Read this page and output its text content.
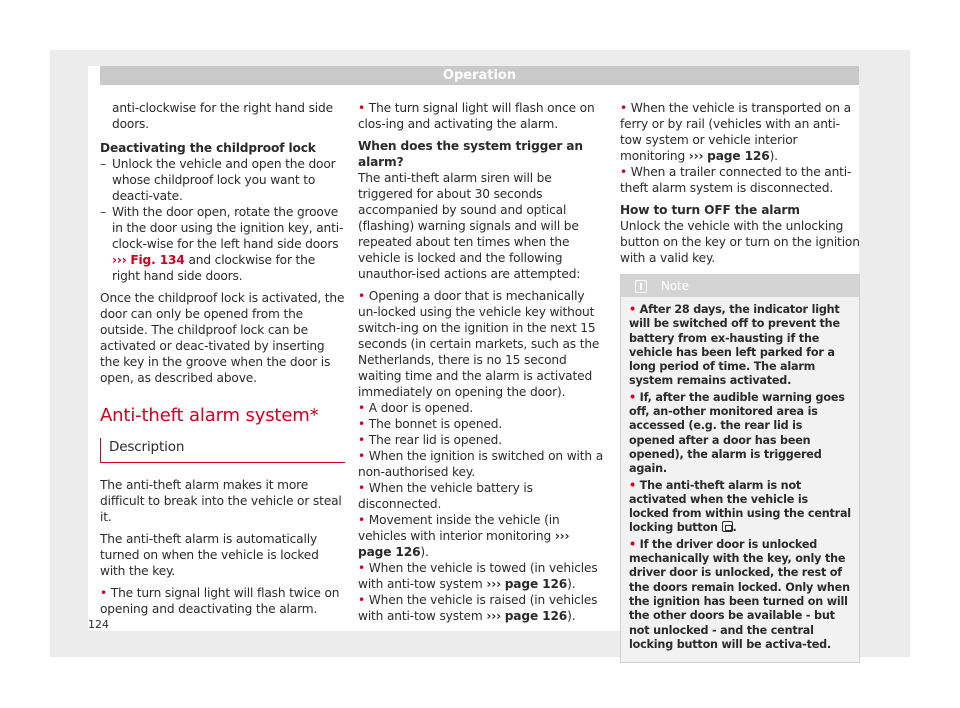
Operation

anti-clockwise for the right hand side doors.

Deactivating the childproof lock

– Unlock the vehicle and open the door whose childproof lock you want to deacti-vate.
– With the door open, rotate the groove in the door using the ignition key, anti-clock-wise for the left hand side doors ››› Fig. 134 and clockwise for the right hand side doors.

Once the childproof lock is activated, the door can only be opened from the outside. The childproof lock can be activated or deac-tivated by inserting the key in the groove when the door is open, as described above.

Anti-theft alarm system*
Description

The anti-theft alarm makes it more difficult to break into the vehicle or steal it.

The anti-theft alarm is automatically turned on when the vehicle is locked with the key.

• The turn signal light will flash twice on opening and deactivating the alarm.

• The turn signal light will flash once on clos-ing and activating the alarm.

When does the system trigger an alarm?

The anti-theft alarm siren will be triggered for about 30 seconds accompanied by sound and optical (flashing) warning signals and will be repeated about ten times when the vehicle is locked and the following unauthor-ised actions are attempted:

• Opening a door that is mechanically un-locked using the vehicle key without switch-ing on the ignition in the next 15 seconds (in certain markets, such as the Netherlands, there is no 15 second waiting time and the alarm is activated immediately on opening the door).

• A door is opened.

• The bonnet is opened.

• The rear lid is opened.

• When the ignition is switched on with a non-authorised key.

• When the vehicle battery is disconnected.

• Movement inside the vehicle (in vehicles with interior monitoring ››› page 126).

• When the vehicle is towed (in vehicles with anti-tow system ››› page 126).

• When the vehicle is raised (in vehicles with anti-tow system ››› page 126).

• When the vehicle is transported on a ferry or by rail (vehicles with an anti-tow system or vehicle interior monitoring ››› page 126).

• When a trailer connected to the anti-theft alarm system is disconnected.

How to turn OFF the alarm

Unlock the vehicle with the unlocking button on the key or turn on the ignition with a valid key.

Note

• After 28 days, the indicator light will be switched off to prevent the battery from ex-hausting if the vehicle has been left parked for a long period of time. The alarm system remains activated.

• If, after the audible warning goes off, an-other monitored area is accessed (e.g. the rear lid is opened after a door has been opened), the alarm is triggered again.

• The anti-theft alarm is not activated when the vehicle is locked from within using the central locking button .

• If the driver door is unlocked mechanically with the key, only the driver door is unlocked, the rest of the doors remain locked. Only when the ignition has been turned on will the other doors be available - but not unlocked - and the central locking button will be activa-ted.

124
